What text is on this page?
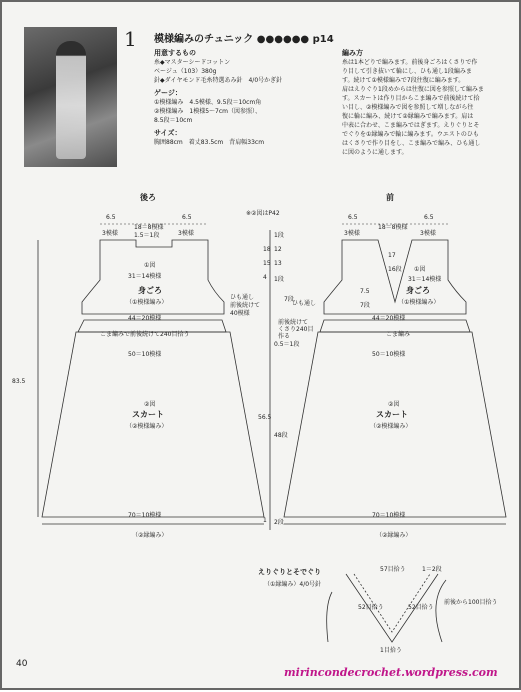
1 模様編みのチュニック ●●●●●● p14
用意するもの
糸◆マスターシードコットン
ベージュ（103）380g
針◆ダイヤモンド毛糸特選あみ針　4/0号かぎ針
ゲージ：
①模様編み　4.5模様、9.5段＝10cm角
②模様編み　1模様5〜7cm（図参照）、
8.5段＝10cm
サイズ：
胸囲88cm　着丈83.5cm　背肩幅33cm
編み方
糸は1本どりで編みます。前後身ごろはくさりで作
り目して引き抜いて輪にし、ひも通し1段編みま
す。続けて①模様編みで7段往復に編みます。
肩はえりぐり1段めからは往復に図を参照して編みま
す。スカートは作り目からこま編みで前後続けて拾
い目し、②模様編みで図を参照して増しながら往
復に輪に編み、続けて②縁編みで編みます。肩は
中表に合わせ、こま編みではぎます。えりぐりとそ
でぐりを①縁編みで輪に編みます。ウエストのひも
はくさりで作り目をし、こま編みで編み、ひも通し
に図のように通します。
後ろ	前
※②図はP42
6.5
3模様
6.5
3模様
18＝8模様
1.5＝1段
①図
31＝14模様
身ごろ
（①模様編み）
44＝20模様
こま編みで前後続けて240目拾う
50＝10模様
②図
スカート
（②模様編み）
70＝10模様
（②縁編み）
83.5
1段
18
15
12
13
4 1段
ひも通し
前後続けて
40模様
7段
前後続けて
くさり240目
作る
0.5＝1段
56.5
48段
1 2段
6.5
3模様
6.5
3模様
18＝8模様
17
16段 ①図
31＝14模様
7.5
7段
身ごろ
（①模様編み）
ひも通し
44＝20模様
こま編み
50＝10模様
②図
スカート
（②模様編み）
70＝10模様
（②縁編み）
えりぐりとそでぐり
（①縁編み）4/0号針
57目拾う	1＝2段
52目拾う	52目拾う
前後から100目拾う
1目拾う
40
mirincondecrochet.wordpress.com
